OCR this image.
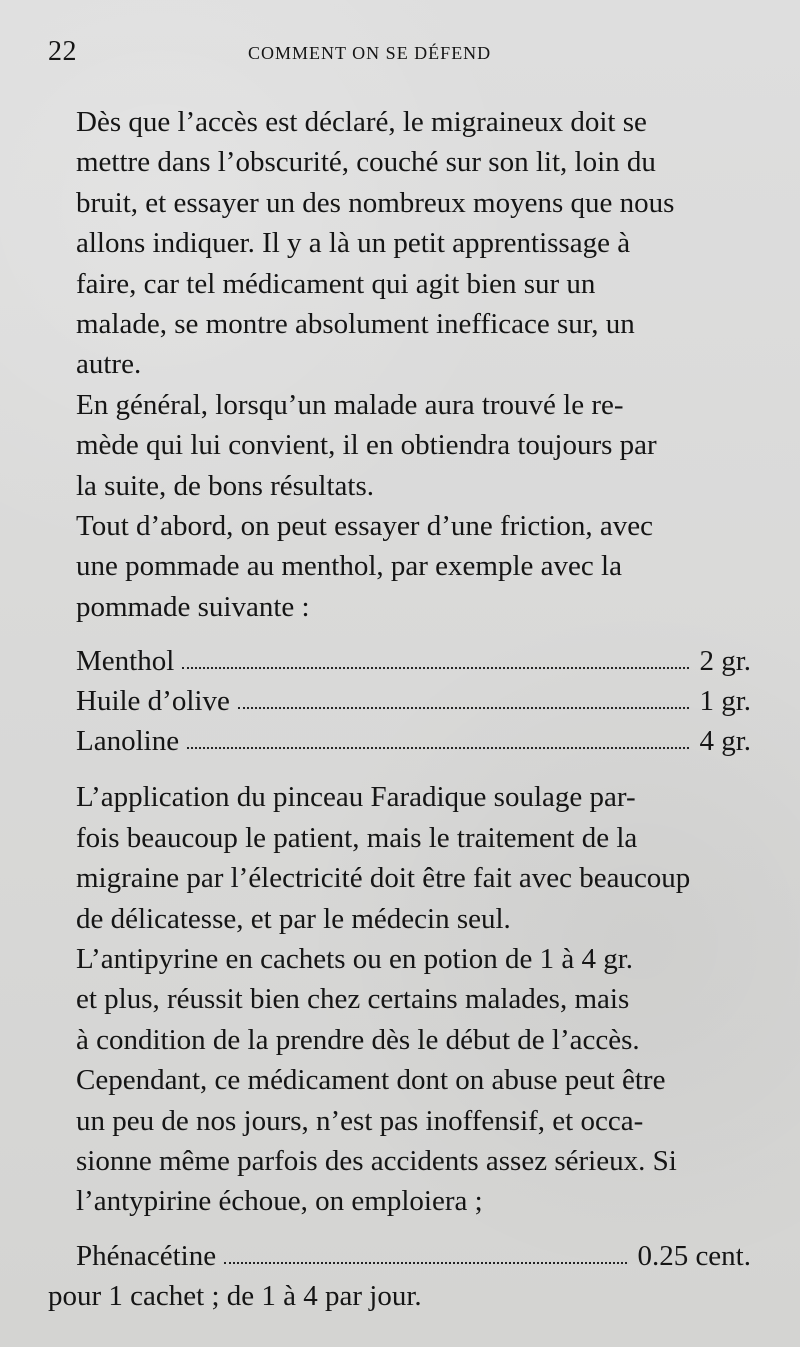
22	COMMENT ON SE DÉFEND

Dès que l’accès est déclaré, le migraineux doit se
mettre dans l’obscurité, couché sur son lit, loin du
bruit, et essayer un des nombreux moyens que nous
allons indiquer. Il y a là un petit apprentissage à
faire, car tel médicament qui agit bien sur un
malade, se montre absolument inefficace sur, un
autre.

En général, lorsqu’un malade aura trouvé le re-
mède qui lui convient, il en obtiendra toujours par
la suite, de bons résultats.

Tout d’abord, on peut essayer d’une friction, avec
une pommade au menthol, par exemple avec la
pommade suivante :

Menthol	2 gr.
Huile d’olive	1 gr.
Lanoline	4 gr.

L’application du pinceau Faradique soulage par-
fois beaucoup le patient, mais le traitement de la
migraine par l’électricité doit être fait avec beaucoup
de délicatesse, et par le médecin seul.

L’antipyrine en cachets ou en potion de 1 à 4 gr.
et plus, réussit bien chez certains malades, mais
à condition de la prendre dès le début de l’accès.
Cependant, ce médicament dont on abuse peut être
un peu de nos jours, n’est pas inoffensif, et occa-
sionne même parfois des accidents assez sérieux. Si
l’antypirine échoue, on emploiera ;

Phénacétine	0.25 cent.
pour 1 cachet ; de 1 à 4 par jour.
